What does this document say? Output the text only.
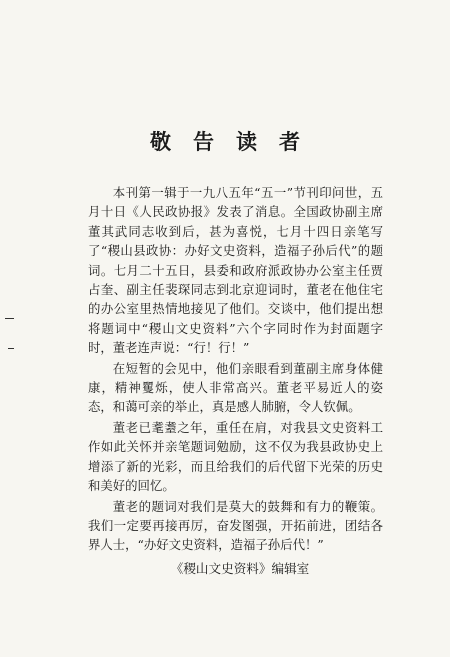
敬告读者

本刊第一辑于一九八五年“五一”节刊印问世，五月十日《人民政协报》发表了消息。全国政协副主席董其武同志收到后，甚为喜悦，七月十四日亲笔写了“稷山县政协：办好文史资料，造福子孙后代”的题词。七月二十五日，县委和政府派政协办公室主任贾占奎、副主任裴琛同志到北京迎词时，董老在他住宅的办公室里热情地接见了他们。交谈中，他们提出想将题词中“稷山文史资料”六个字同时作为封面题字时，董老连声说：“行！行！”

在短暂的会见中，他们亲眼看到董副主席身体健康，精神矍烁，使人非常高兴。董老平易近人的姿态，和蔼可亲的举止，真是感人肺腑，令人钦佩。

董老已耄耋之年，重任在肩，对我县文史资料工作如此关怀并亲笔题词勉励，这不仅为我县政协史上增添了新的光彩，而且给我们的后代留下光荣的历史和美好的回忆。

董老的题词对我们是莫大的鼓舞和有力的鞭策。我们一定要再接再厉，奋发图强，开拓前进，团结各界人士，“办好文史资料，造福子孙后代！”

《稷山文史资料》编辑室
